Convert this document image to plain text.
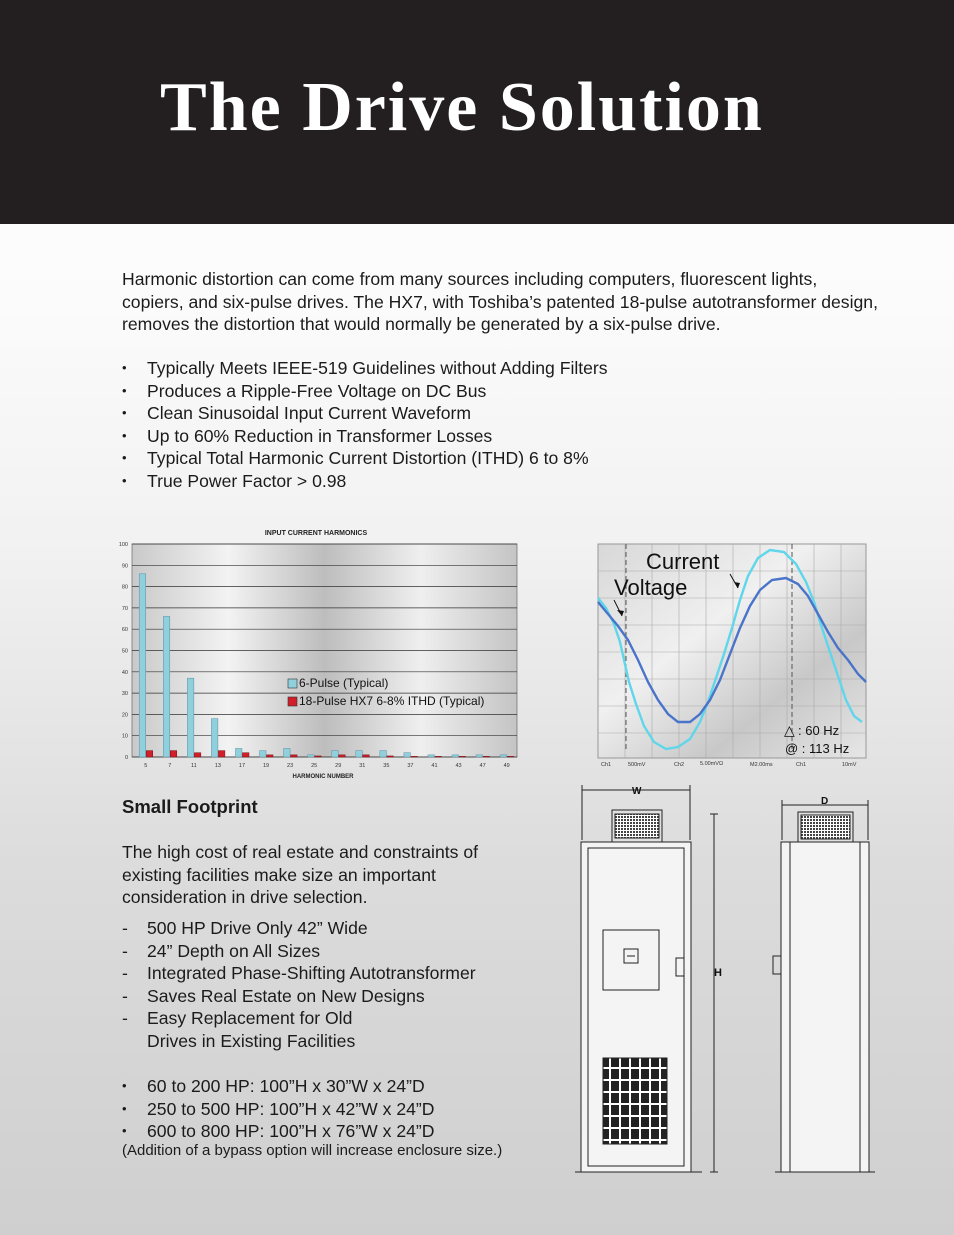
The Drive Solution

Harmonic distortion can come from many sources including computers, fluorescent lights, copiers, and six-pulse drives. The HX7, with Toshiba’s patented 18-pulse autotransformer design, removes the distortion that would normally be generated by a six-pulse drive.

• Typically Meets IEEE-519 Guidelines without Adding Filters
• Produces a Ripple-Free Voltage on DC Bus
• Clean Sinusoidal Input Current Waveform
• Up to 60% Reduction in Transformer Losses
• Typical Total Harmonic Current Distortion (ITHD) 6 to 8%
• True Power Factor > 0.98
INPUT CURRENT HARMONICS
0
10
20
30
40
50
60
70
80
90
100
5	7	11	13	17	19	23	25	29	31	35	37	41	43	47	49
HARMONIC NUMBER
6-Pulse (Typical)
18-Pulse HX7 6-8% ITHD (Typical)
Current
Voltage
△ : 60 Hz
@ : 113 Hz
Ch1	500mV	Ch2	5.00mVΩ	M2.00ms	Ch1	10mV
Small Footprint

The high cost of real estate and constraints of existing facilities make size an important consideration in drive selection.

- 500 HP Drive Only 42” Wide
- 24” Depth on All Sizes
- Integrated Phase-Shifting Autotransformer
- Saves Real Estate on New Designs
- Easy Replacement for Old Drives in Existing Facilities
• 60 to 200 HP: 100”H x 30”W x 24”D
• 250 to 500 HP: 100”H x 42”W x 24”D
• 600 to 800 HP: 100”H x 76”W x 24”D

(Addition of a bypass option will increase enclosure size.)

W
H
D
